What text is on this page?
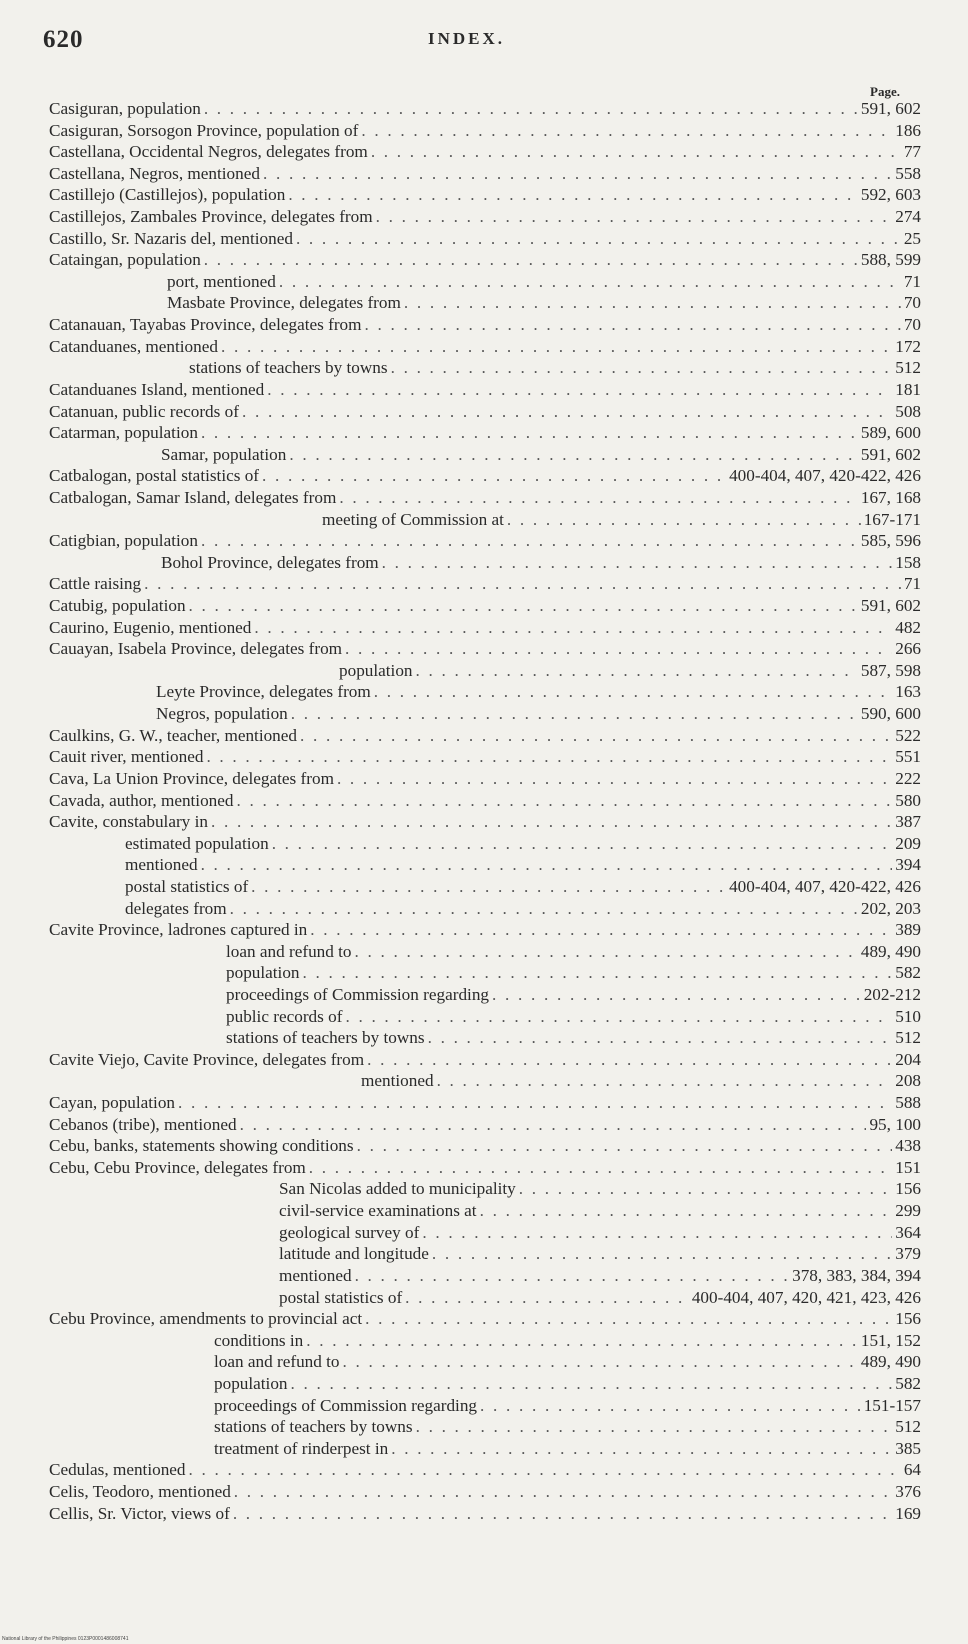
620	INDEX.
Page.
Casiguran, population . . .	591, 602
Casiguran, Sorsogon Province, population of . . .	186
Castellana, Occidental Negros, delegates from . . .	77
Castellana, Negros, mentioned . . .	558
Castillejo (Castillejos), population . . .	592, 603
Castillejos, Zambales Province, delegates from . . .	274
Castillo, Sr. Nazaris del, mentioned . . .	25
Cataingan, population . . .	588, 599
port, mentioned . . .	71
Masbate Province, delegates from . . .	70
Catanauan, Tayabas Province, delegates from . . .	70
Catanduanes, mentioned . . .	172
stations of teachers by towns . . .	512
Catanduanes Island, mentioned . . .	181
Catanuan, public records of . . .	508
Catarman, population . . .	589, 600
Samar, population . . .	591, 602
Catbalogan, postal statistics of . . .	400-404, 407, 420-422, 426
Catbalogan, Samar Island, delegates from . . .	167, 168
meeting of Commission at . . .	167-171
Catigbian, population . . .	585, 596
Bohol Province, delegates from . . .	158
Cattle raising . . .	71
Catubig, population . . .	591, 602
Caurino, Eugenio, mentioned . . .	482
Cauayan, Isabela Province, delegates from . . .	266
population . . .	587, 598
Leyte Province, delegates from . . .	163
Negros, population . . .	590, 600
Caulkins, G. W., teacher, mentioned . . .	522
Cauit river, mentioned . . .	551
Cava, La Union Province, delegates from . . .	222
Cavada, author, mentioned . . .	580
Cavite, constabulary in . . .	387
estimated population . . .	209
mentioned . . .	394
postal statistics of . . .	400-404, 407, 420-422, 426
delegates from . . .	202, 203
Cavite Province, ladrones captured in . . .	389
loan and refund to . . .	489, 490
population . . .	582
proceedings of Commission regarding . . .	202-212
public records of . . .	510
stations of teachers by towns . . .	512
Cavite Viejo, Cavite Province, delegates from . . .	204
mentioned . . .	208
Cayan, population . . .	588
Cebanos (tribe), mentioned . . .	95, 100
Cebu, banks, statements showing conditions . . .	438
Cebu, Cebu Province, delegates from . . .	151
San Nicolas added to municipality . . .	156
civil-service examinations at . . .	299
geological survey of . . .	364
latitude and longitude . . .	379
mentioned . . .	378, 383, 384, 394
postal statistics of . . .	400-404, 407, 420, 421, 423, 426
Cebu Province, amendments to provincial act . . .	156
conditions in . . .	151, 152
loan and refund to . . .	489, 490
population . . .	582
proceedings of Commission regarding . . .	151-157
stations of teachers by towns . . .	512
treatment of rinderpest in . . .	385
Cedulas, mentioned . . .	64
Celis, Teodoro, mentioned . . .	376
Cellis, Sr. Victor, views of . . .	169
National Library of the Philippines 0123P0001486008741
